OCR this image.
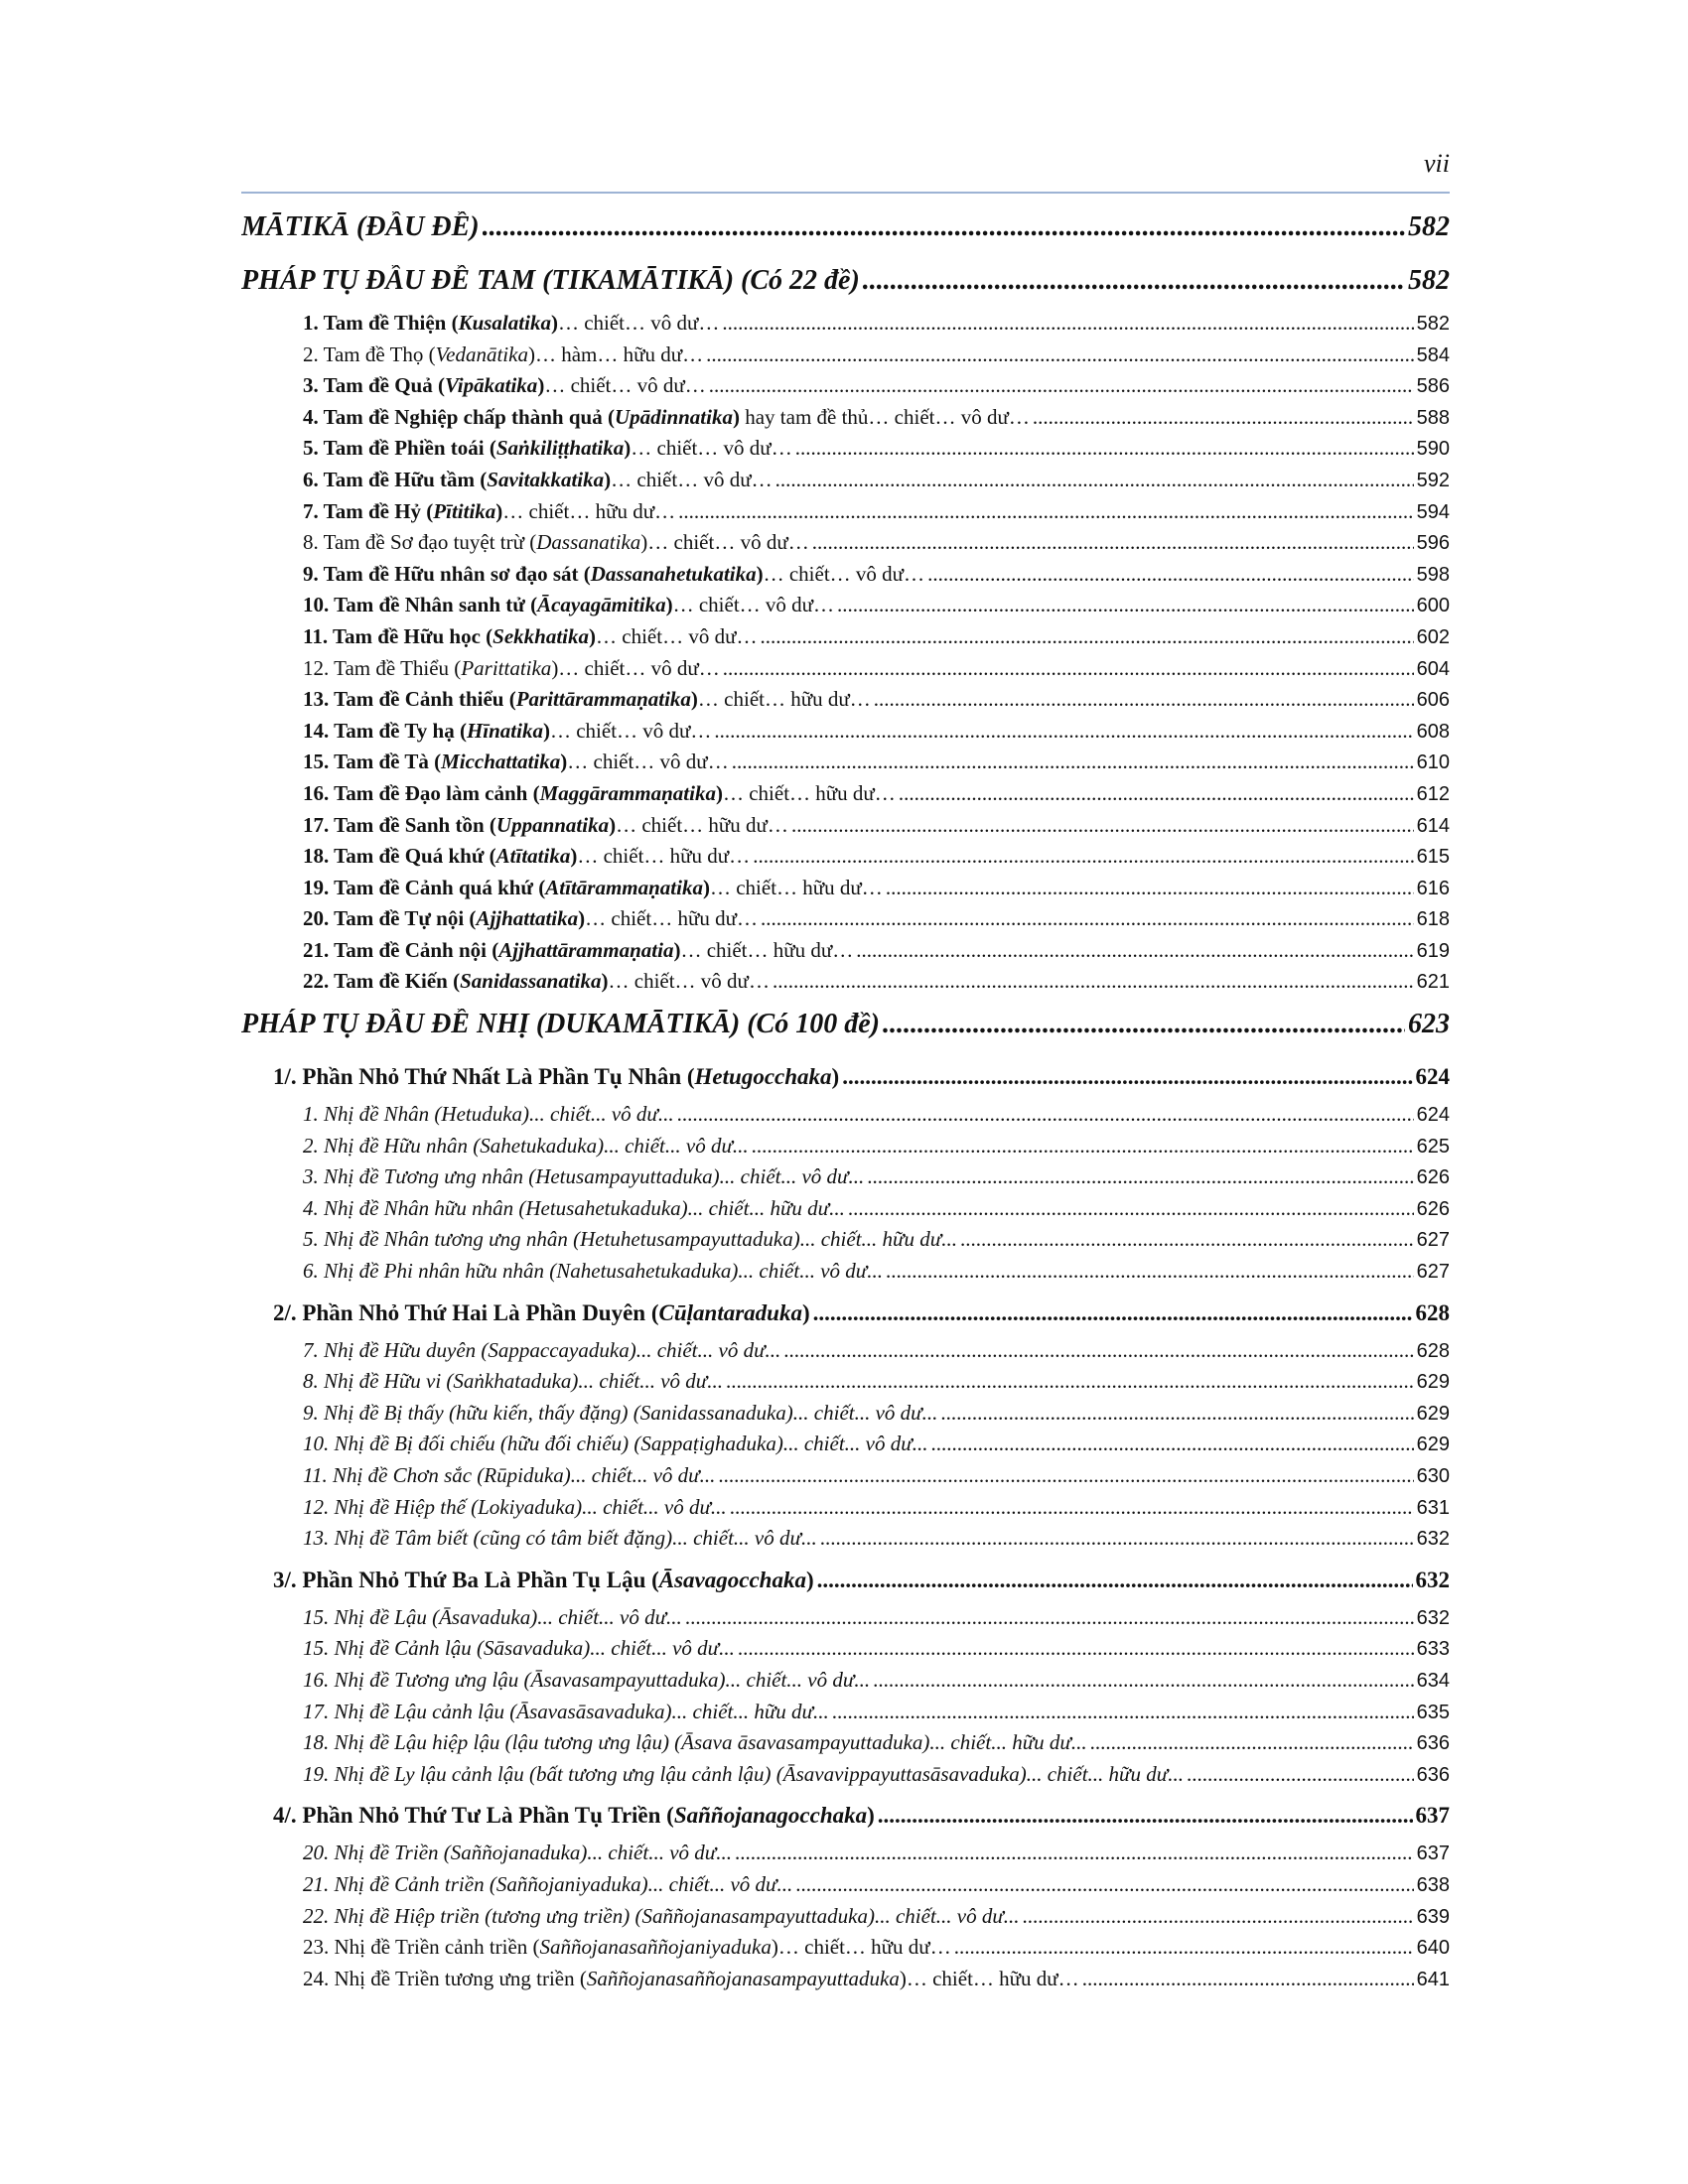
vii
MĀTIKĀ (ĐẦU ĐỀ) .....	582
PHÁP TỤ ĐẦU ĐỀ TAM (TIKAMĀTIKĀ) (Có 22 đề) .....	582
1. Tam đề Thiện (Kusalatika)… chiết… vô dư… .....	582
2. Tam đề Thọ (Vedanātika)… hàm… hữu dư… .....	584
3. Tam đề Quả (Vipākatika)… chiết… vô dư… .....	586
4. Tam đề Nghiệp chấp thành quả (Upādinnatika) hay tam đề thủ… chiết… vô dư… .....	588
5. Tam đề Phiền toái (Saṅkiliṭṭhatika)… chiết… vô dư… .....	590
6. Tam đề Hữu tầm (Savitakkatika)… chiết… vô dư… .....	592
7. Tam đề Hỷ (Pītitika)… chiết… hữu dư… .....	594
8. Tam đề Sơ đạo tuyệt trừ (Dassanatika)… chiết… vô dư… .....	596
9. Tam đề Hữu nhân sơ đạo sát (Dassanahetukatika)… chiết… vô dư… .....	598
10. Tam đề Nhân sanh tử (Ācayagāmitika)… chiết… vô dư… .....	600
11. Tam đề Hữu học (Sekkhatika)… chiết… vô dư… .....	602
12. Tam đề Thiểu (Parittatika)… chiết… vô dư… .....	604
13. Tam đề Cảnh thiểu (Parittārammaṇatika)… chiết… hữu dư… .....	606
14. Tam đề Ty hạ (Hīnatika)… chiết… vô dư… .....	608
15. Tam đề Tà (Micchattatika)… chiết… vô dư… .....	610
16. Tam đề Đạo làm cảnh (Maggārammaṇatika)… chiết… hữu dư… .....	612
17. Tam đề Sanh tồn (Uppannatika)… chiết… hữu dư… .....	614
18. Tam đề Quá khứ (Atītatika)… chiết… hữu dư… .....	615
19. Tam đề Cảnh quá khứ (Atītārammaṇatika)… chiết… hữu dư… .....	616
20. Tam đề Tự nội (Ajjhattatika)… chiết… hữu dư… .....	618
21. Tam đề Cảnh nội (Ajjhattārammaṇatia)… chiết… hữu dư… .....	619
22. Tam đề Kiến (Sanidassanatika)… chiết… vô dư… .....	621
PHÁP TỤ ĐẦU ĐỀ NHỊ (DUKAMĀTIKĀ) (Có 100 đề) .....	623
1/. Phần Nhỏ Thứ Nhất Là Phần Tụ Nhân (Hetugocchaka) .....	624
1. Nhị đề Nhân (Hetuduka)... chiết... vô dư... .....	624
2. Nhị đề Hữu nhân (Sahetukaduka)... chiết... vô dư... .....	625
3. Nhị đề Tương ưng nhân (Hetusampayuttaduka)... chiết... vô dư... .....	626
4. Nhị đề Nhân hữu nhân (Hetusahetukaduka)... chiết... hữu dư... .....	626
5. Nhị đề Nhân tương ưng nhân (Hetuhetusampayuttaduka)... chiết... hữu dư... .....	627
6. Nhị đề Phi nhân hữu nhân (Nahetusahetukaduka)... chiết... vô dư... .....	627
2/. Phần Nhỏ Thứ Hai Là Phần Duyên (Cūḷantaraduka) .....	628
7. Nhị đề Hữu duyên (Sappaccayaduka)... chiết... vô dư... .....	628
8. Nhị đề Hữu vi (Saṅkhataduka)... chiết... vô dư... .....	629
9. Nhị đề Bị thấy (hữu kiến, thấy đặng) (Sanidassanaduka)... chiết... vô dư... .....	629
10. Nhị đề Bị đối chiếu (hữu đối chiếu) (Sappaṭighaduka)... chiết... vô dư... .....	629
11. Nhị đề Chơn sắc (Rūpiduka)... chiết... vô dư... .....	630
12. Nhị đề Hiệp thế (Lokiyaduka)... chiết... vô dư... .....	631
13. Nhị đề Tâm biết (cũng có tâm biết đặng)... chiết... vô dư... .....	632
3/. Phần Nhỏ Thứ Ba Là Phần Tụ Lậu (Āsavagocchaka) .....	632
15. Nhị đề Lậu (Āsavaduka)... chiết... vô dư... .....	632
15. Nhị đề Cảnh lậu (Sāsavaduka)... chiết... vô dư... .....	633
16. Nhị đề Tương ưng lậu (Āsavasampayuttaduka)... chiết... vô dư... .....	634
17. Nhị đề Lậu cảnh lậu (Āsavasāsavaduka)... chiết... hữu dư... .....	635
18. Nhị đề Lậu hiệp lậu (lậu tương ưng lậu) (Āsava āsavasampayuttaduka)... chiết... hữu dư... .....	636
19. Nhị đề Ly lậu cảnh lậu (bất tương ưng lậu cảnh lậu) (Āsavavippayuttasāsavaduka)... chiết... hữu dư... .....	636
4/. Phần Nhỏ Thứ Tư Là Phần Tụ Triền (Saññojanagocchaka) .....	637
20. Nhị đề Triền (Saññojanaduka)... chiết... vô dư... .....	637
21. Nhị đề Cảnh triền (Saññojaniyaduka)... chiết... vô dư... .....	638
22. Nhị đề Hiệp triền (tương ưng triền) (Saññojanasampayuttaduka)... chiết... vô dư... .....	639
23. Nhị đề Triền cảnh triền (Saññojanasaññojaniyaduka)… chiết… hữu dư… .....	640
24. Nhị đề Triền tương ưng triền (Saññojanasaññojanasampayuttaduka)… chiết… hữu dư… .....	641
